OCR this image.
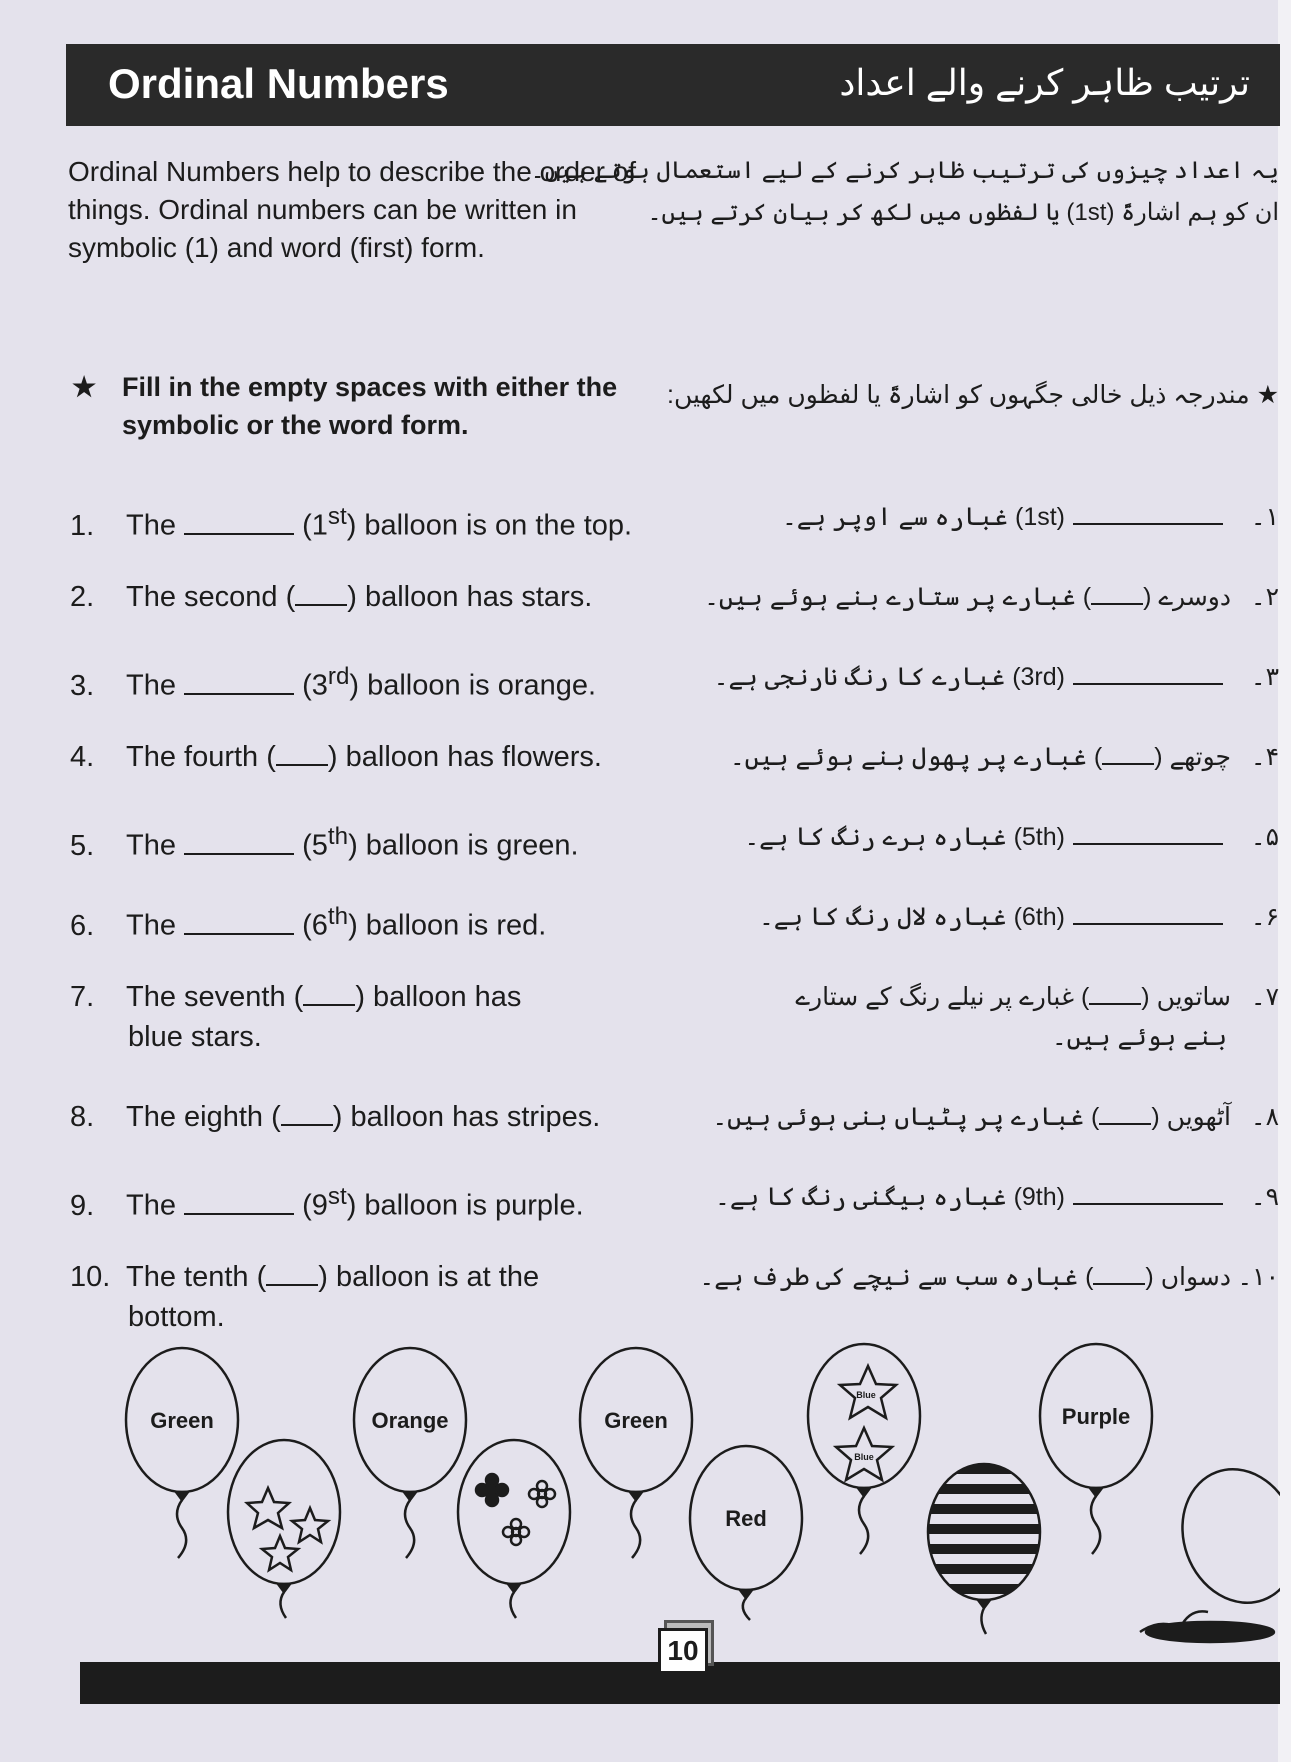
Ordinal Numbers	ترتیب ظاہر کرنے والے اعداد
Ordinal Numbers help to describe the order of things. Ordinal numbers can be written in symbolic (1) and word (first) form.
یہ اعداد چیزوں کی ترتیب ظاہر کرنے کے لیے استعمال ہوتے ہیں۔
ان کو ہم اشارۃً (1st) یا لفظوں میں لکھ کر بیان کرتے ہیں۔
★ Fill in the empty spaces with either the symbolic or the word form.
★ مندرجہ ذیل خالی جگہوں کو اشارۃً یا لفظوں میں لکھیں:
1. The	(1st) balloon is on the top.
2. The second ( ) balloon has stars.
3. The	(3rd) balloon is orange.
4. The fourth ( ) balloon has flowers.
5. The	(5th) balloon is green.
6. The	(6th) balloon is red.
7. The seventh ( ) balloon has
blue stars.
8. The eighth ( ) balloon has stripes.
9. The	(9st) balloon is purple.
10. The tenth ( ) balloon is at the
bottom.
۱۔(1st) غبارہ سے اوپر ہے۔
۲۔دوسرے () غبارے پر ستارے بنے ہوئے ہیں۔
۳۔(3rd) غبارے کا رنگ نارنجی ہے۔
۴۔چوتھے () غبارے پر پھول بنے ہوئے ہیں۔
۵۔(5th) غبارہ ہرے رنگ کا ہے۔
۶۔(6th) غبارہ لال رنگ کا ہے۔
۷۔ساتویں () غبارے پر نیلے رنگ کے ستارے
بنے ہوئے ہیں۔
۸۔آٹھویں () غبارے پر پٹیاں بنی ہوئی ہیں۔
۹۔(9th) غبارہ بیگنی رنگ کا ہے۔
۱۰۔دسواں () غبارہ سب سے نیچے کی طرف ہے۔
Green	Orange	Green
Red
Blue
Blue
Purple
10
